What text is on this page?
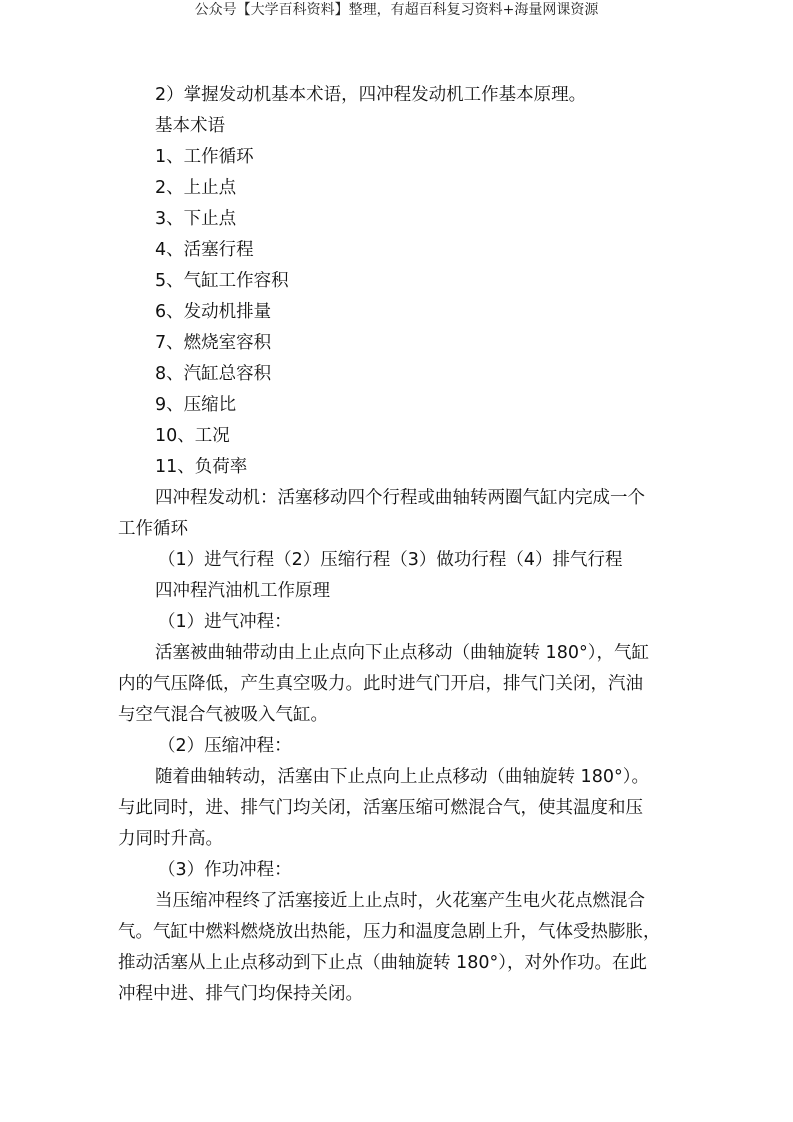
公众号【大学百科资料】整理，有超百科复习资料+海量网课资源
2）掌握发动机基本术语，四冲程发动机工作基本原理。
基本术语
1、工作循环
2、上止点
3、下止点
4、活塞行程
5、气缸工作容积
6、发动机排量
7、燃烧室容积
8、汽缸总容积
9、压缩比
10、工况
11、负荷率
四冲程发动机：活塞移动四个行程或曲轴转两圈气缸内完成一个
工作循环
（1）进气行程（2）压缩行程（3）做功行程（4）排气行程
四冲程汽油机工作原理
（1）进气冲程：
活塞被曲轴带动由上止点向下止点移动（曲轴旋转 180°），气缸
内的气压降低，产生真空吸力。此时进气门开启，排气门关闭，汽油
与空气混合气被吸入气缸。
（2）压缩冲程：
随着曲轴转动，活塞由下止点向上止点移动（曲轴旋转 180°）。
与此同时，进、排气门均关闭，活塞压缩可燃混合气，使其温度和压
力同时升高。
（3）作功冲程：
当压缩冲程终了活塞接近上止点时，火花塞产生电火花点燃混合
气。气缸中燃料燃烧放出热能，压力和温度急剧上升，气体受热膨胀，
推动活塞从上止点移动到下止点（曲轴旋转 180°），对外作功。在此
冲程中进、排气门均保持关闭。
